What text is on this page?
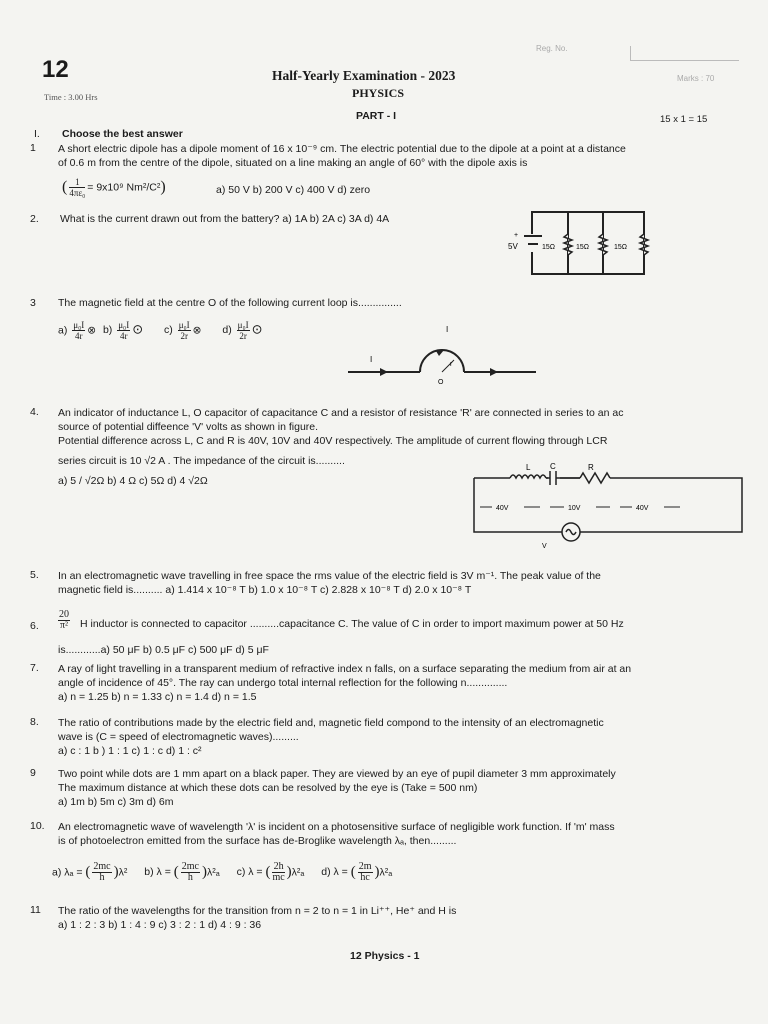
12
Time : 3.00 Hrs
Half-Yearly Examination - 2023
PHYSICS
Reg. No.
Marks : 70
PART - I	15 x 1 = 15
I. Choose the best answer
1	A short electric dipole has a dipole moment of 16 x 10⁻⁹ cm. The electric potential due to the dipole at a point at a distance
of 0.6 m from the centre of the dipole, situated on a line making an angle of 60° with the dipole axis is
( $\frac{1}{\text{4πε₀}} = 9x10^9$ Nm²/C²)	a) 50 V b) 200 V c) 400 V d) zero
2.	What is the current drawn out from the battery? a) 1A b) 2A c) 3A d) 4A
+
5V	15Ω	15Ω	15Ω
3	The magnetic field at the centre O of the following current loop is...............
$a) \frac{\text{μ₀I}}{4r}$ ⊗ $b) \frac{\text{μ₀I}}{4r}$ ⊙ $c) \frac{\text{μ₀I}}{2r}$ ⊗ $d) \frac{\text{μ₀I}}{2r}$ ⊙
I
I
r
O
4.	An indicator of inductance L, O capacitor of capacitance C and a resistor of resistance 'R' are connected in series to an ac
source of potential diffeence 'V' volts as shown in figure.
Potential difference across L, C and R is 40V, 10V and 40V respectively. The amplitude of current flowing through LCR
series circuit is 10 √2 A . The impedance of the circuit is..........
a) 5 / √2Ω b) 4 Ω c) 5Ω d) 4 √2Ω
L C	R
40V	10V	40V
V
5.	In an electromagnetic wave travelling in free space the rms value of the electric field is 3V m⁻¹. The peak value of the
magnetic field is.......... a) 1.414 x 10⁻⁸ T b) 1.0 x 10⁻⁸ T c) 2.828 x 10⁻⁸ T d) 2.0 x 10⁻⁸ T
6.	$\frac{20}{\text{π²}}$ H inductor is connected to capacitor ..........capacitance C. The value of C in order to import maximum power at 50 Hz
is............a) 50 μF b) 0.5 μF c) 500 μF d) 5 μF
7.	A ray of light travelling in a transparent medium of refractive index n falls, on a surface separating the medium from air at an
angle of incidence of 45°. The ray can undergo total internal reflection for the following n..............
a) n = 1.25 b) n = 1.33 c) n = 1.4 d) n = 1.5
8.	The ratio of contributions made by the electric field and, magnetic field compond to the intensity of an electromagnetic
wave is (C = speed of electromagnetic waves).........
a) c : 1 b ) 1 : 1 c) 1 : c d) 1 : c²
9	Two point while dots are 1 mm apart on a black paper. They are viewed by an eye of pupil diameter 3 mm approximately
The maximum distance at which these dots can be resolved by the eye is (Take = 500 nm)
a) 1m b) 5m c) 3m d) 6m
10.	An electromagnetic wave of wavelength 'λ' is incident on a photosensitive surface of negligible work function. If 'm' mass
is of photoelectron emitted from the surface has de-Broglike wavelength λₐ, then.........
a) λₐ = ( $\frac{2mc}{h} )\lambda^2$ b) λ = ( $\frac{2mc}{h} )\lambda^2_a$ c) λ = ( $\frac{2h}{mc} )\lambda^2_a$ d) λ = ( $\frac{2m}{hc} )\lambda^2_a$
11	The ratio of the wavelengths for the transition from n = 2 to n = 1 in Li⁺⁺, He⁺ and H is
a) 1 : 2 : 3 b) 1 : 4 : 9 c) 3 : 2 : 1 d) 4 : 9 : 36
12 Physics - 1
